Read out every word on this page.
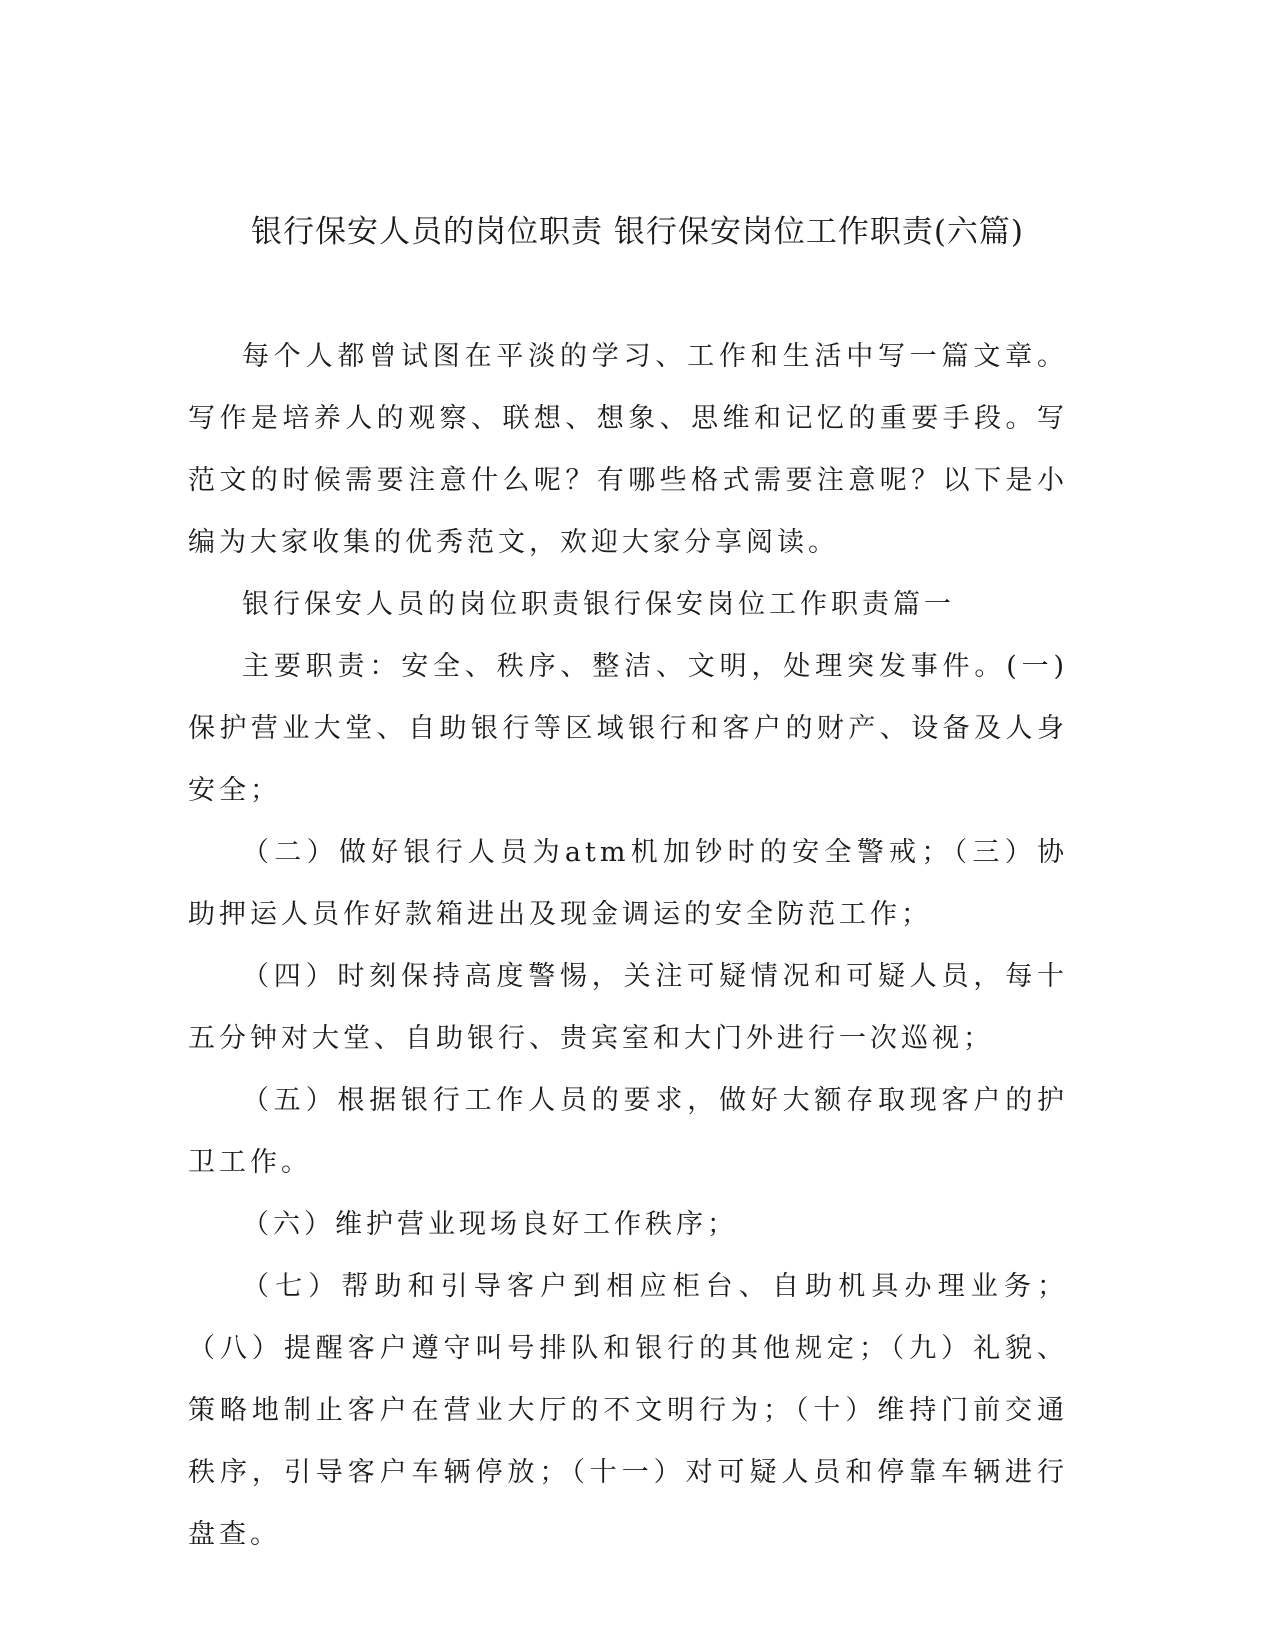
银行保安人员的岗位职责 银行保安岗位工作职责(六篇)

每个人都曾试图在平淡的学习、工作和生活中写一篇文章。写作是培养人的观察、联想、想象、思维和记忆的重要手段。写范文的时候需要注意什么呢？有哪些格式需要注意呢？以下是小编为大家收集的优秀范文，欢迎大家分享阅读。

银行保安人员的岗位职责银行保安岗位工作职责篇一

主要职责：安全、秩序、整洁、文明，处理突发事件。(一)保护营业大堂、自助银行等区域银行和客户的财产、设备及人身安全；

（二）做好银行人员为atm机加钞时的安全警戒；（三）协助押运人员作好款箱进出及现金调运的安全防范工作；

（四）时刻保持高度警惕，关注可疑情况和可疑人员，每十五分钟对大堂、自助银行、贵宾室和大门外进行一次巡视；

（五）根据银行工作人员的要求，做好大额存取现客户的护卫工作。

（六）维护营业现场良好工作秩序；

（七）帮助和引导客户到相应柜台、自助机具办理业务；（八）提醒客户遵守叫号排队和银行的其他规定；（九）礼貌、策略地制止客户在营业大厅的不文明行为；（十）维持门前交通秩序，引导客户车辆停放；（十一）对可疑人员和停靠车辆进行盘查。
